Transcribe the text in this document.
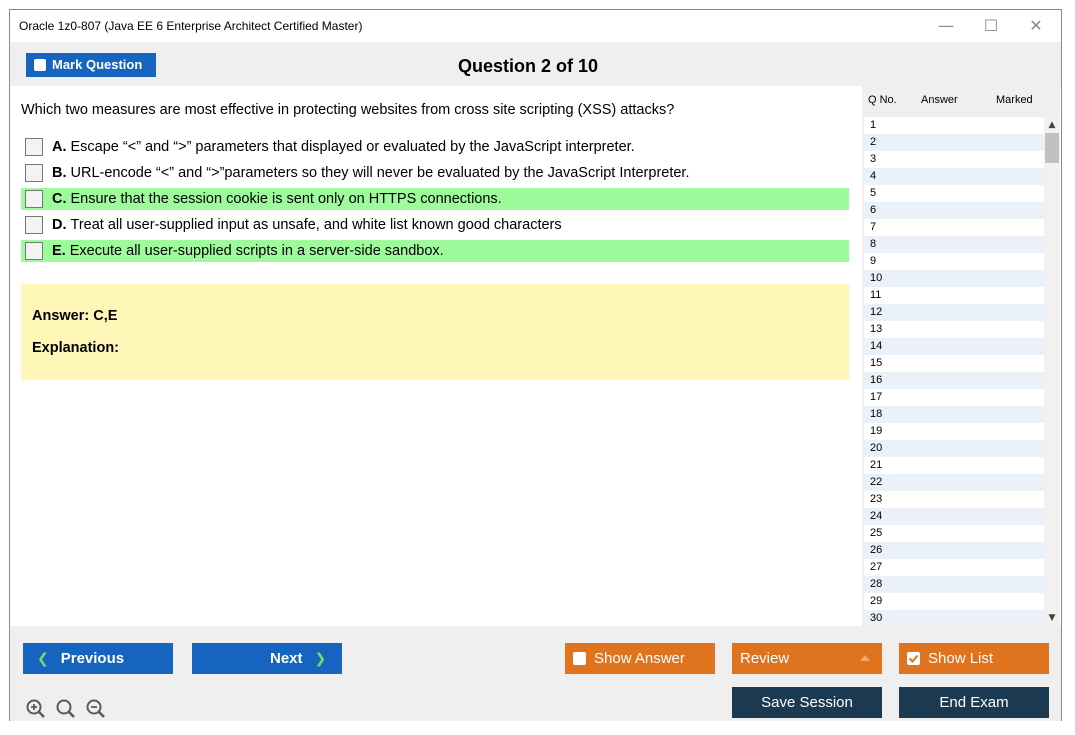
Oracle 1z0-807 (Java EE 6 Enterprise Architect Certified Master)	—	☐	✕
Mark Question	Question 2 of 10
Which two measures are most effective in protecting websites from cross site scripting (XSS) attacks?
A. Escape “<” and “>” parameters that displayed or evaluated by the JavaScript interpreter.
B. URL-encode “<” and “>”parameters so they will never be evaluated by the JavaScript Interpreter.
C. Ensure that the session cookie is sent only on HTTPS connections.
D. Treat all user-supplied input as unsafe, and white list known good characters
E. Execute all user-supplied scripts in a server-side sandbox.
Answer: C,E
Explanation:
Q No. Answer	Marked
1
2
3
4
5
6
7
8
9
10
11
12
13
14
15
16
17
18
19
20
21
22
23
24
25
26
27
28
29
30
▲
▼
❮ Previous	Next ❯	Show Answer	Review	Show List
Save Session	End Exam
